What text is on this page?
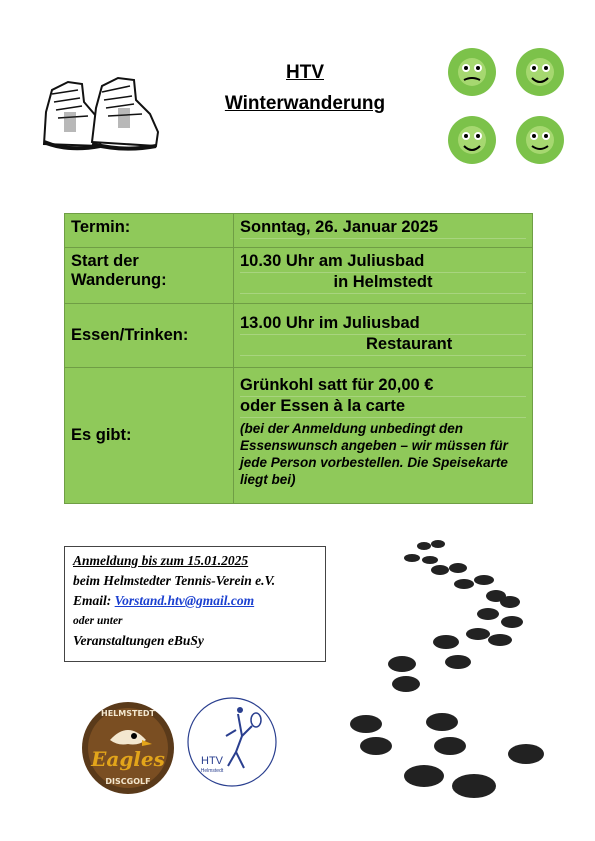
HTV
Winterwanderung
Termin:	Sonntag, 26. Januar 2025

Start der
Wanderung:	10.30 Uhr am Juliusbad
in Helmstedt

Essen/Trinken:	13.00 Uhr im Juliusbad
Restaurant

Es gibt:	Grünkohl satt für 20,00 €
oder Essen à la carte
(bei der Anmeldung unbedingt den Essenswunsch angeben – wir müssen für jede Person vorbestellen. Die Speisekarte liegt bei)
Anmeldung bis zum 15.01.2025
beim Helmstedter Tennis-Verein e.V.
Email: Vorstand.htv@gmail.com
oder unter
Veranstaltungen eBuSy
HELMSTEDT
Eagles
DISCGOLF
HTV
Helmstedt
